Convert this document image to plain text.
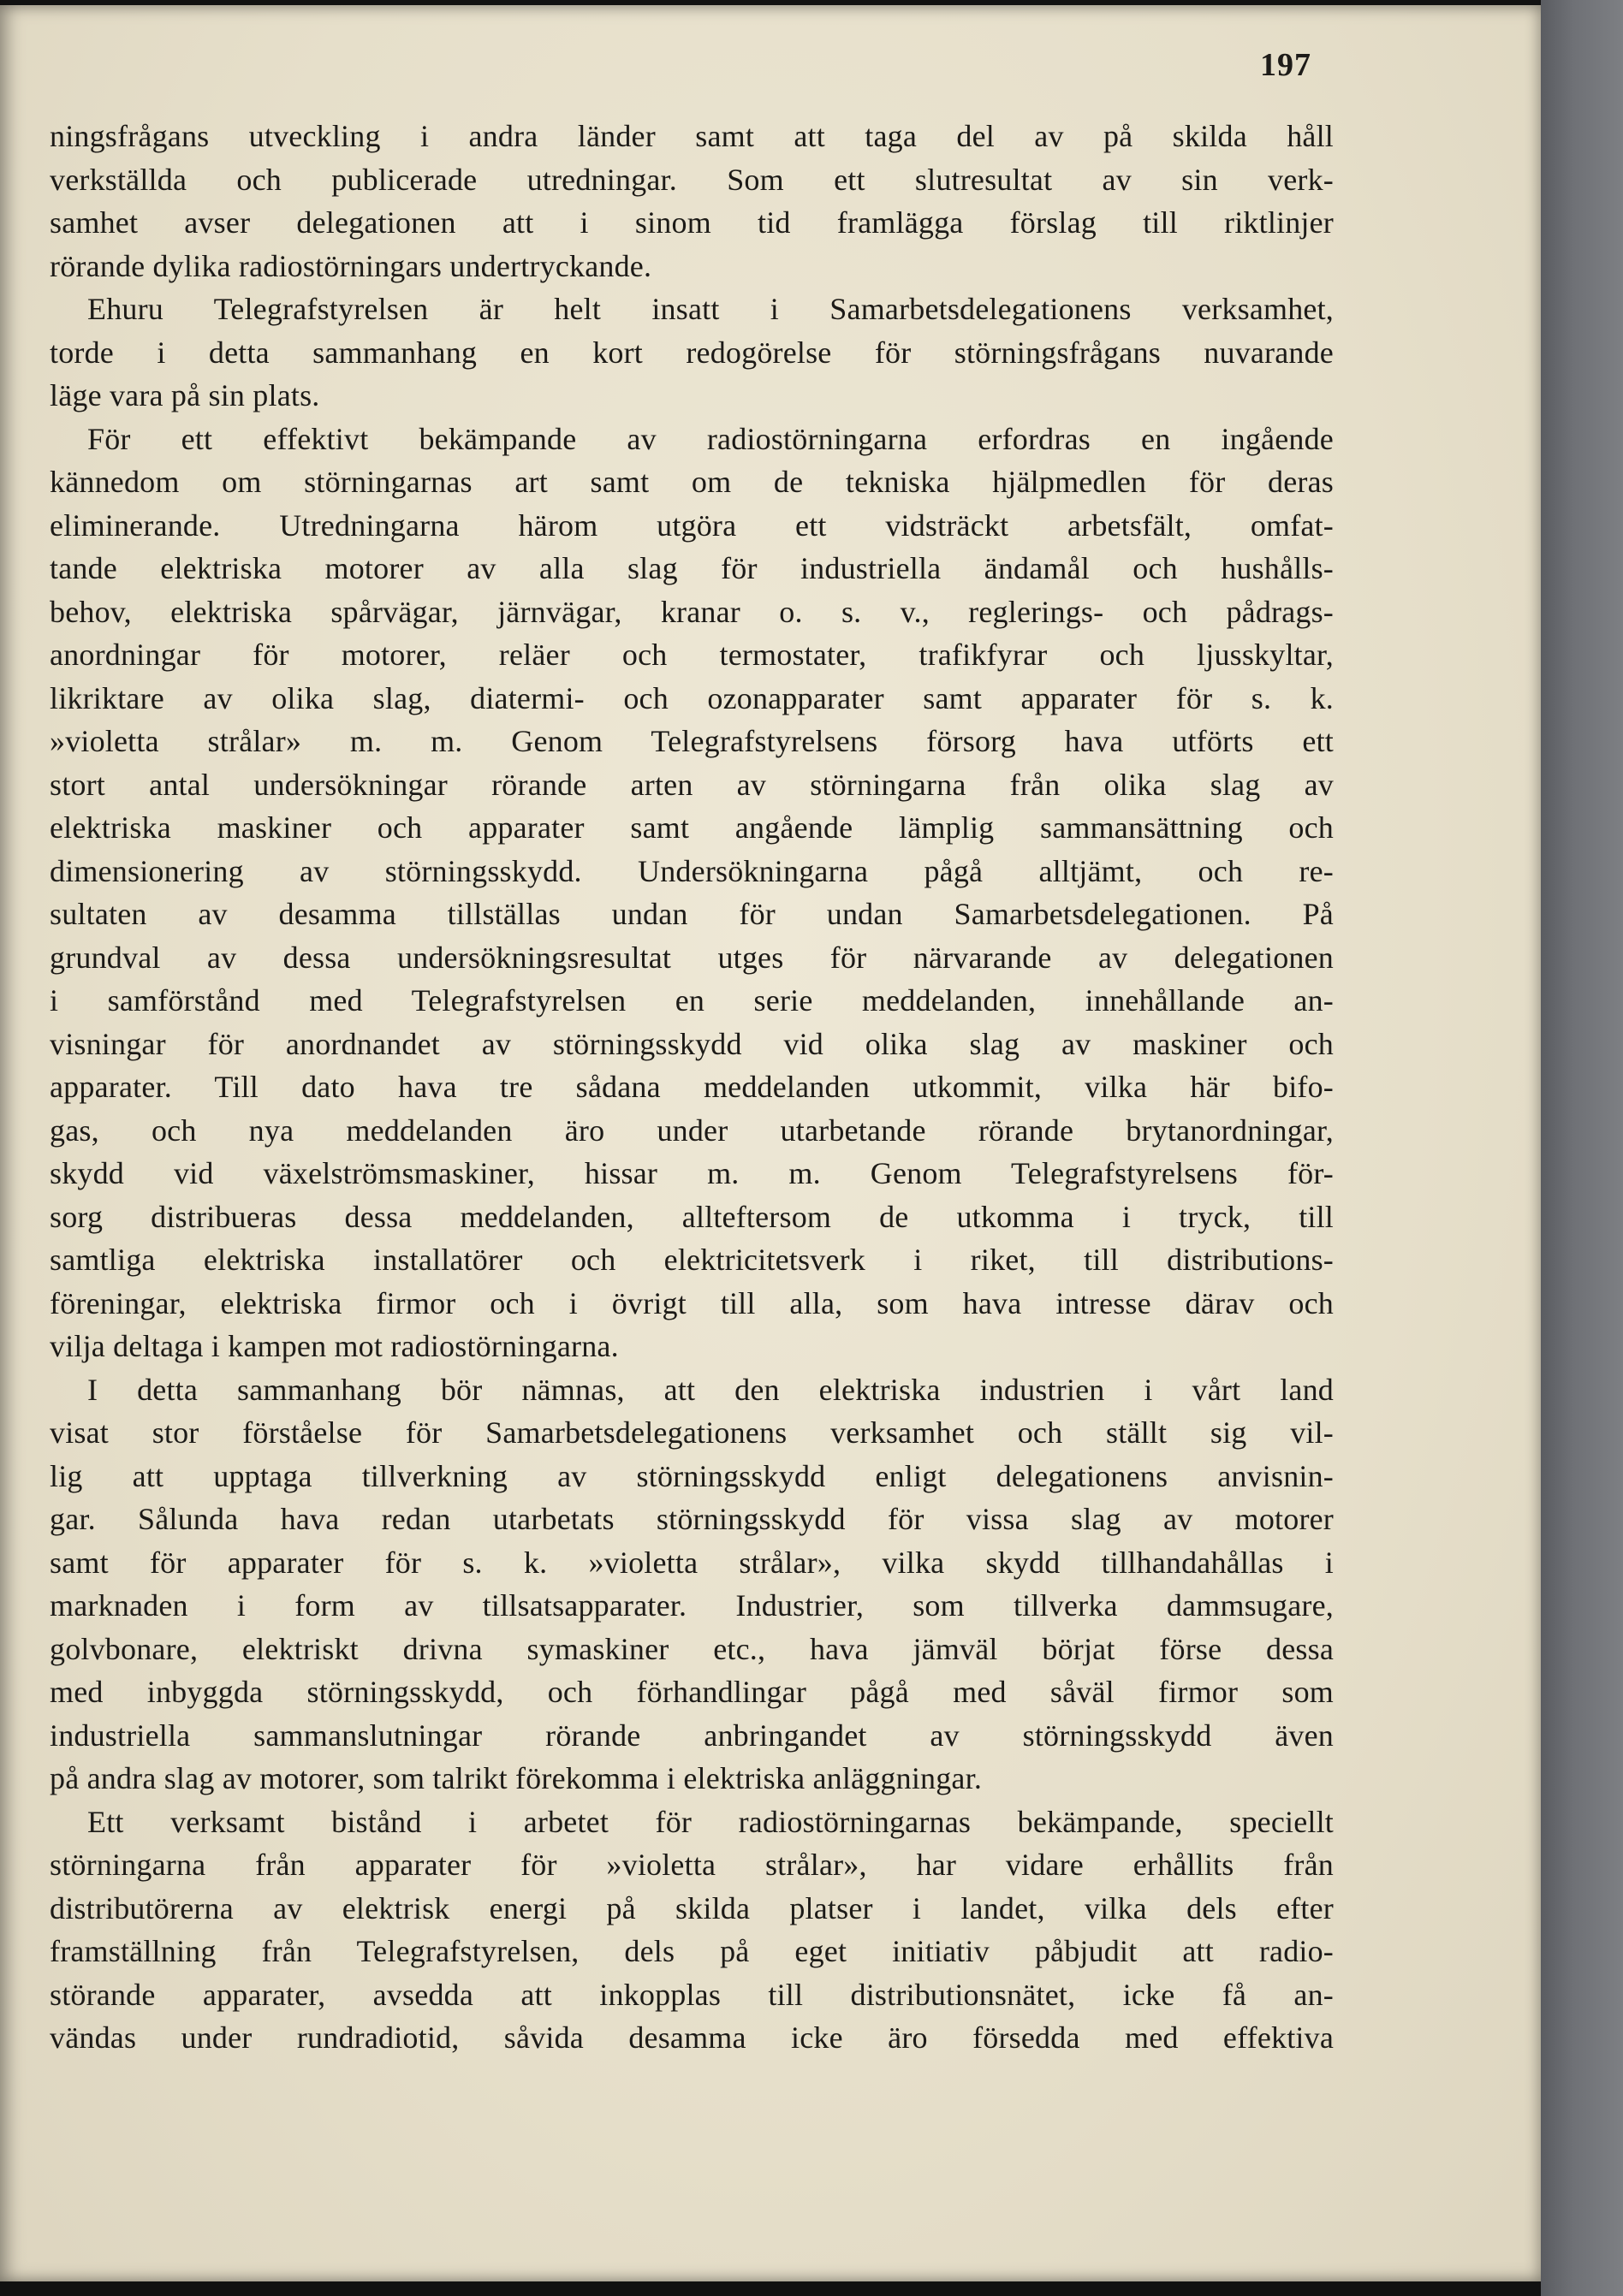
197
ningsfrågans utveckling i andra länder samt att taga del av på skilda håll
verkställda och publicerade utredningar. Som ett slutresultat av sin verk-
samhet avser delegationen att i sinom tid framlägga förslag till riktlinjer
rörande dylika radiostörningars undertryckande.
Ehuru Telegrafstyrelsen är helt insatt i Samarbetsdelegationens verksamhet,
torde i detta sammanhang en kort redogörelse för störningsfrågans nuvarande
läge vara på sin plats.
För ett effektivt bekämpande av radiostörningarna erfordras en ingående
kännedom om störningarnas art samt om de tekniska hjälpmedlen för deras
eliminerande. Utredningarna härom utgöra ett vidsträckt arbetsfält, omfat-
tande elektriska motorer av alla slag för industriella ändamål och hushålls-
behov, elektriska spårvägar, järnvägar, kranar o. s. v., reglerings- och pådrags-
anordningar för motorer, reläer och termostater, trafikfyrar och ljusskyltar,
likriktare av olika slag, diatermi- och ozonapparater samt apparater för s. k.
»violetta strålar» m. m. Genom Telegrafstyrelsens försorg hava utförts ett
stort antal undersökningar rörande arten av störningarna från olika slag av
elektriska maskiner och apparater samt angående lämplig sammansättning och
dimensionering av störningsskydd. Undersökningarna pågå alltjämt, och re-
sultaten av desamma tillställas undan för undan Samarbetsdelegationen. På
grundval av dessa undersökningsresultat utges för närvarande av delegationen
i samförstånd med Telegrafstyrelsen en serie meddelanden, innehållande an-
visningar för anordnandet av störningsskydd vid olika slag av maskiner och
apparater. Till dato hava tre sådana meddelanden utkommit, vilka här bifo-
gas, och nya meddelanden äro under utarbetande rörande brytanordningar,
skydd vid växelströmsmaskiner, hissar m. m. Genom Telegrafstyrelsens för-
sorg distribueras dessa meddelanden, allteftersom de utkomma i tryck, till
samtliga elektriska installatörer och elektricitetsverk i riket, till distributions-
föreningar, elektriska firmor och i övrigt till alla, som hava intresse därav och
vilja deltaga i kampen mot radiostörningarna.
I detta sammanhang bör nämnas, att den elektriska industrien i vårt land
visat stor förståelse för Samarbetsdelegationens verksamhet och ställt sig vil-
lig att upptaga tillverkning av störningsskydd enligt delegationens anvisnin-
gar. Sålunda hava redan utarbetats störningsskydd för vissa slag av motorer
samt för apparater för s. k. »violetta strålar», vilka skydd tillhandahållas i
marknaden i form av tillsatsapparater. Industrier, som tillverka dammsugare,
golvbonare, elektriskt drivna symaskiner etc., hava jämväl börjat förse dessa
med inbyggda störningsskydd, och förhandlingar pågå med såväl firmor som
industriella sammanslutningar rörande anbringandet av störningsskydd även
på andra slag av motorer, som talrikt förekomma i elektriska anläggningar.
Ett verksamt bistånd i arbetet för radiostörningarnas bekämpande, speciellt
störningarna från apparater för »violetta strålar», har vidare erhållits från
distributörerna av elektrisk energi på skilda platser i landet, vilka dels efter
framställning från Telegrafstyrelsen, dels på eget initiativ påbjudit att radio-
störande apparater, avsedda att inkopplas till distributionsnätet, icke få an-
vändas under rundradiotid, såvida desamma icke äro försedda med effektiva
